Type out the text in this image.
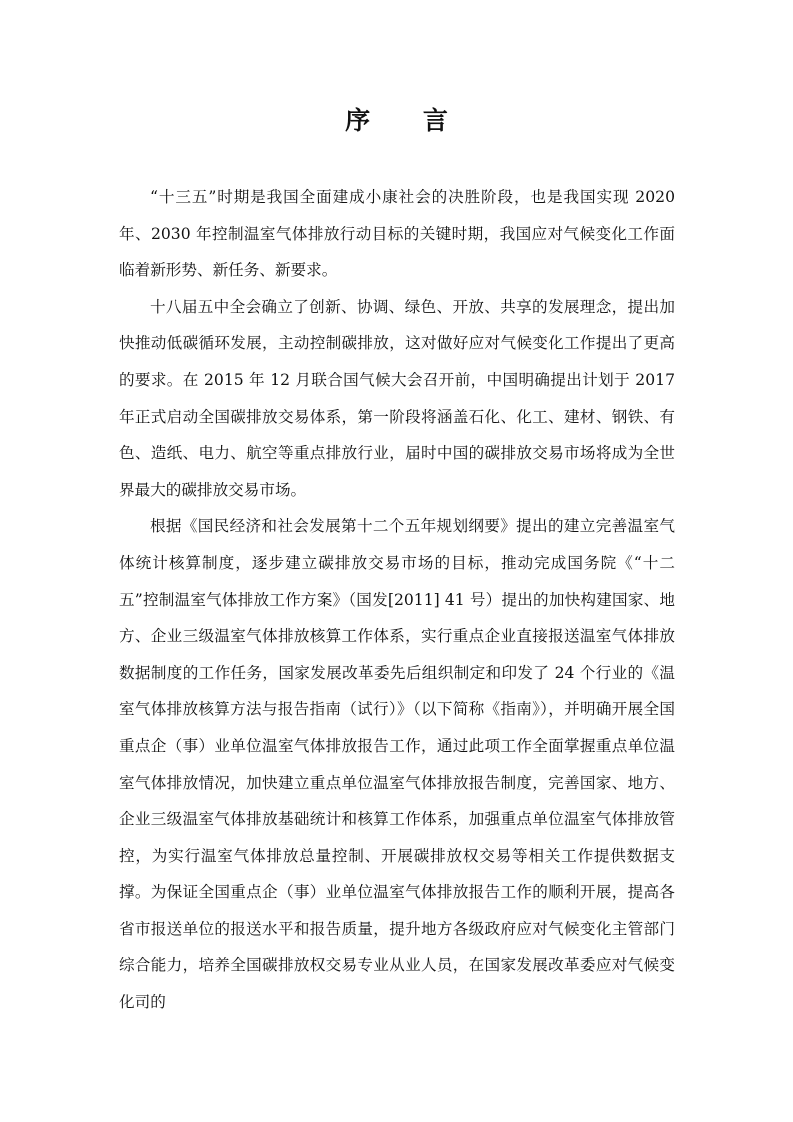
序 言

“十三五”时期是我国全面建成小康社会的决胜阶段，也是我国实现 2020 年、2030 年控制温室气体排放行动目标的关键时期，我国应对气候变化工作面临着新形势、新任务、新要求。

十八届五中全会确立了创新、协调、绿色、开放、共享的发展理念，提出加快推动低碳循环发展，主动控制碳排放，这对做好应对气候变化工作提出了更高的要求。在 2015 年 12 月联合国气候大会召开前，中国明确提出计划于 2017 年正式启动全国碳排放交易体系，第一阶段将涵盖石化、化工、建材、钢铁、有色、造纸、电力、航空等重点排放行业，届时中国的碳排放交易市场将成为全世界最大的碳排放交易市场。

根据《国民经济和社会发展第十二个五年规划纲要》提出的建立完善温室气体统计核算制度，逐步建立碳排放交易市场的目标，推动完成国务院《“十二五”控制温室气体排放工作方案》（国发[2011] 41 号）提出的加快构建国家、地方、企业三级温室气体排放核算工作体系，实行重点企业直接报送温室气体排放数据制度的工作任务，国家发展改革委先后组织制定和印发了 24 个行业的《温室气体排放核算方法与报告指南（试行）》（以下简称《指南》），并明确开展全国重点企（事）业单位温室气体排放报告工作，通过此项工作全面掌握重点单位温室气体排放情况，加快建立重点单位温室气体排放报告制度，完善国家、地方、企业三级温室气体排放基础统计和核算工作体系，加强重点单位温室气体排放管控，为实行温室气体排放总量控制、开展碳排放权交易等相关工作提供数据支撑。为保证全国重点企（事）业单位温室气体排放报告工作的顺利开展，提高各省市报送单位的报送水平和报告质量，提升地方各级政府应对气候变化主管部门综合能力，培养全国碳排放权交易专业从业人员，在国家发展改革委应对气候变化司的
